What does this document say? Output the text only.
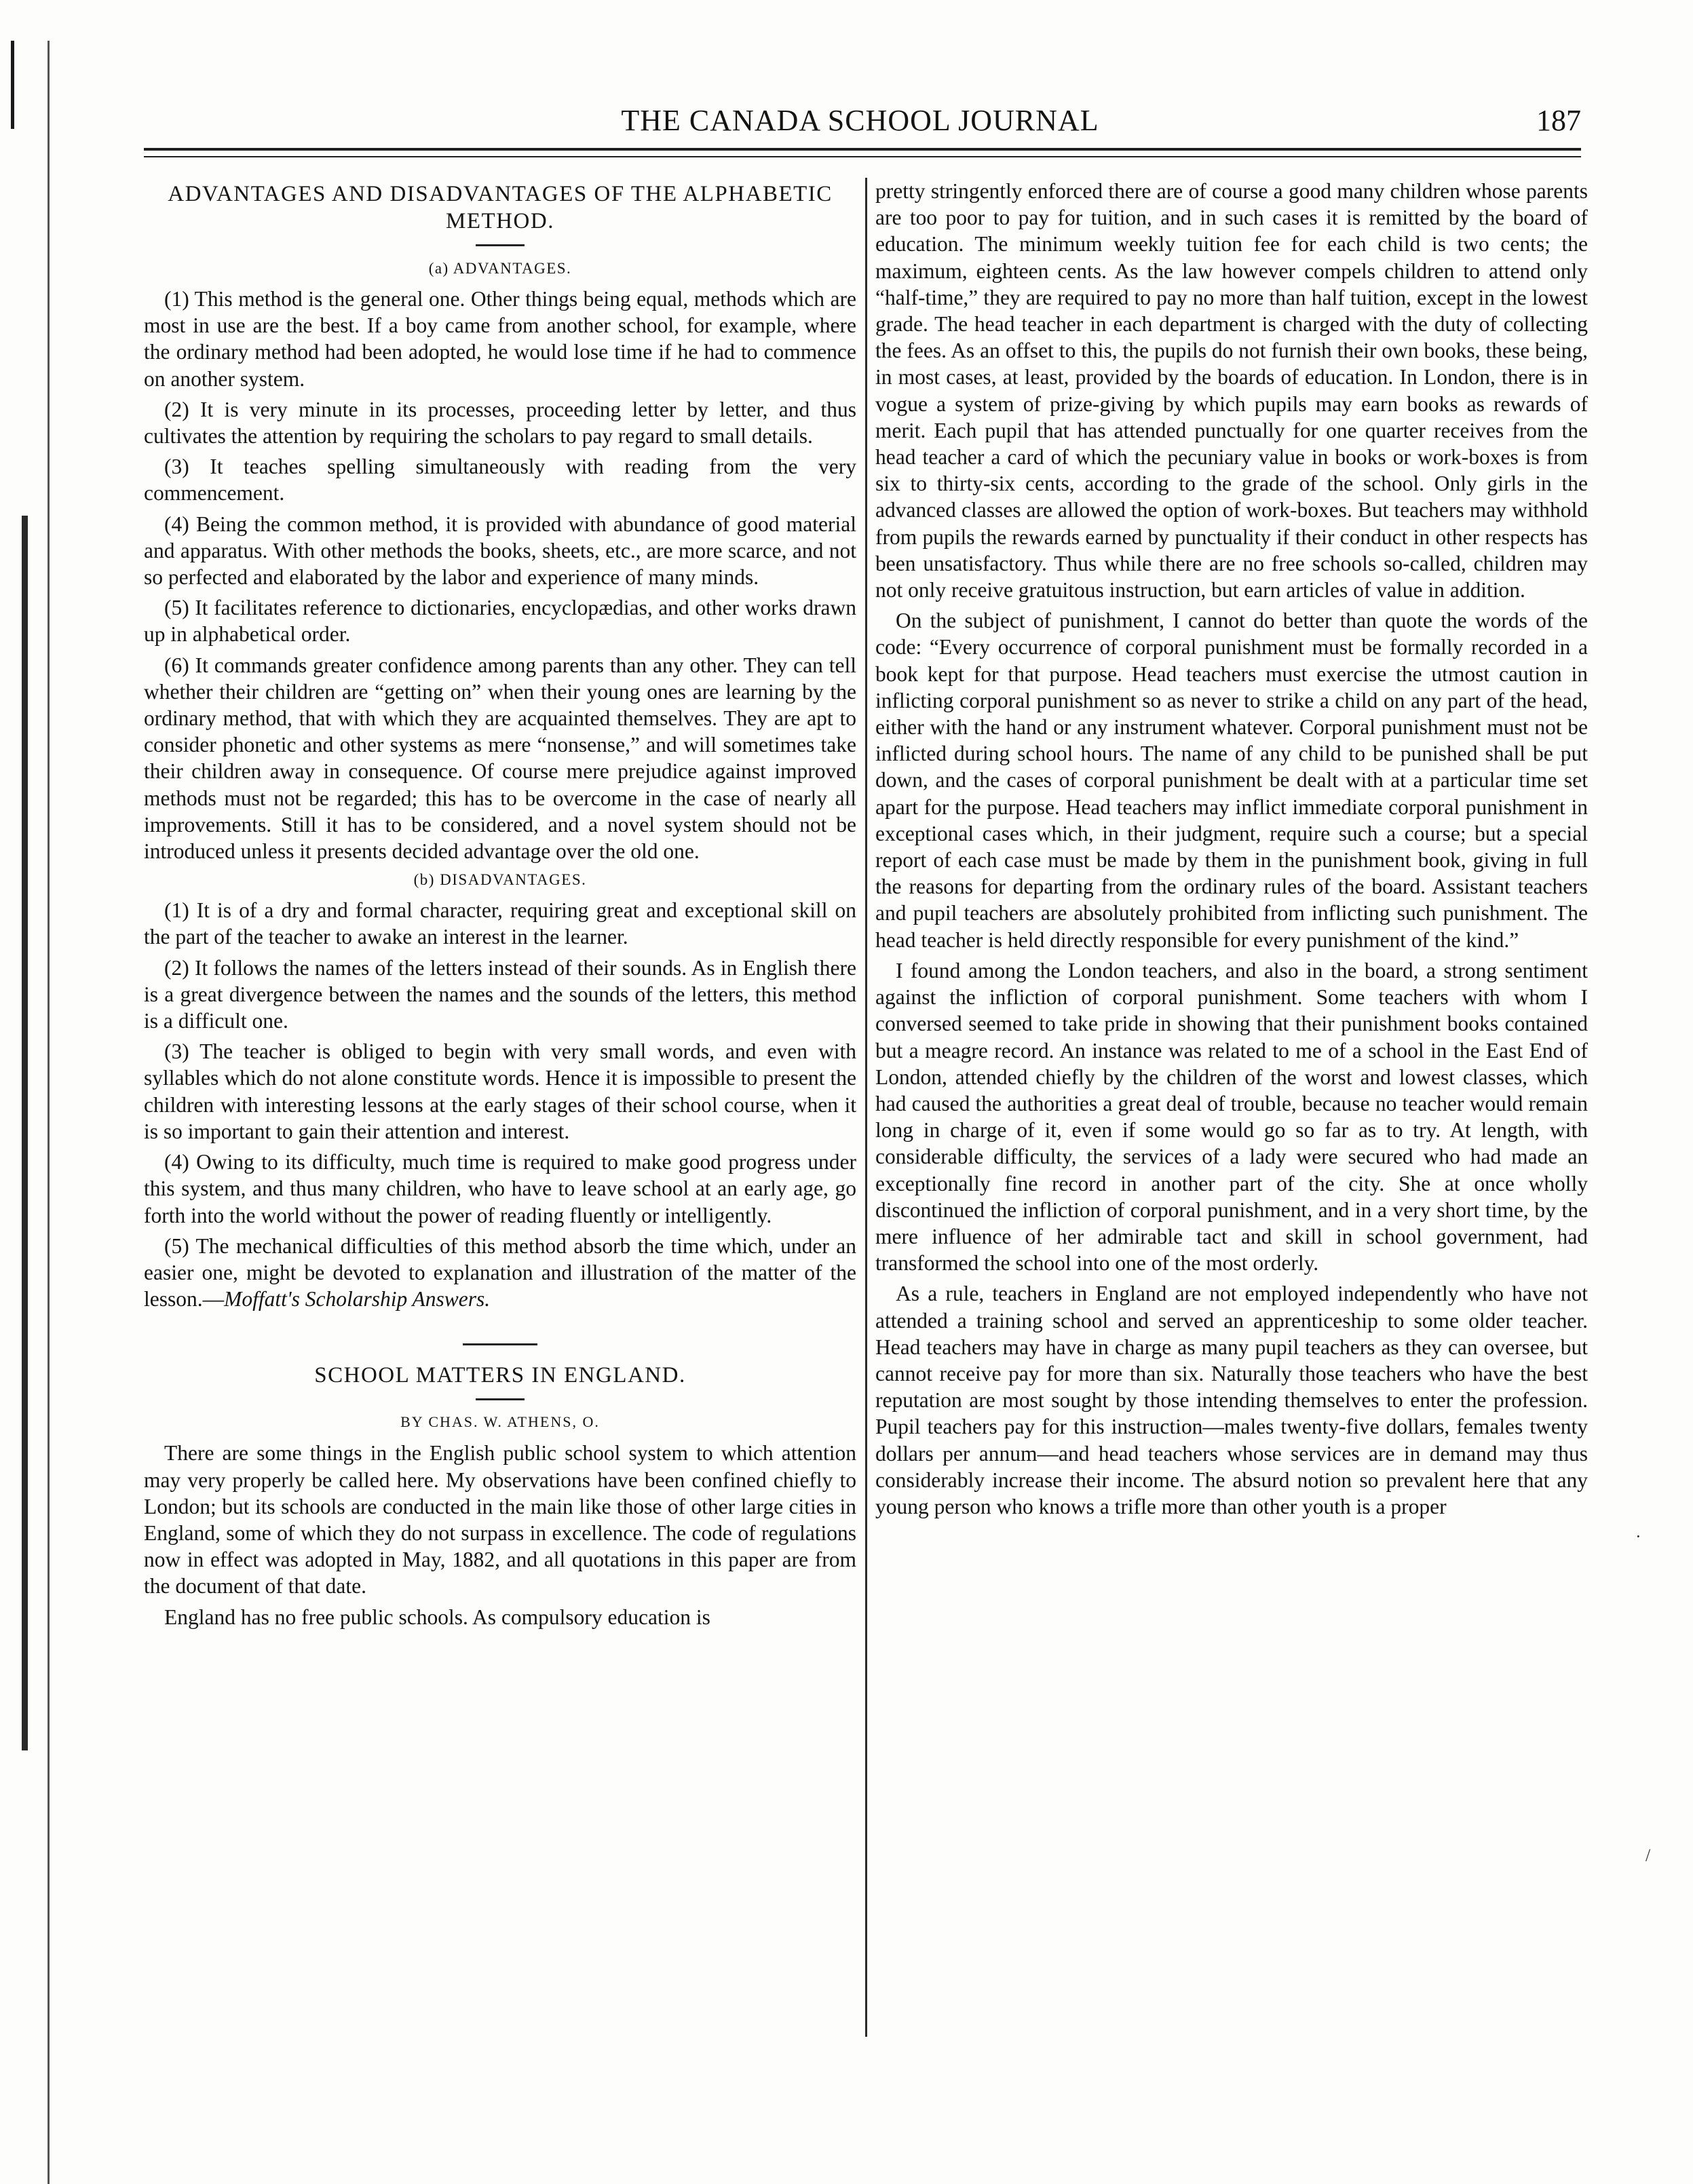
·
/
THE CANADA SCHOOL JOURNAL	187
ADVANTAGES AND DISADVANTAGES OF THE ALPHABETIC METHOD.
(a) ADVANTAGES.

(1) This method is the general one. Other things being equal, methods which are most in use are the best. If a boy came from another school, for example, where the ordinary method had been adopted, he would lose time if he had to commence on another system.

(2) It is very minute in its processes, proceeding letter by letter, and thus cultivates the attention by requiring the scholars to pay regard to small details.

(3) It teaches spelling simultaneously with reading from the very commencement.

(4) Being the common method, it is provided with abundance of good material and apparatus. With other methods the books, sheets, etc., are more scarce, and not so perfected and elaborated by the labor and experience of many minds.

(5) It facilitates reference to dictionaries, encyclopædias, and other works drawn up in alphabetical order.

(6) It commands greater confidence among parents than any other. They can tell whether their children are “getting on” when their young ones are learning by the ordinary method, that with which they are acquainted themselves. They are apt to consider phonetic and other systems as mere “nonsense,” and will sometimes take their children away in consequence. Of course mere prejudice against improved methods must not be regarded; this has to be overcome in the case of nearly all improvements. Still it has to be considered, and a novel system should not be introduced unless it presents decided advantage over the old one.

(b) DISADVANTAGES.

(1) It is of a dry and formal character, requiring great and exceptional skill on the part of the teacher to awake an interest in the learner.

(2) It follows the names of the letters instead of their sounds. As in English there is a great divergence between the names and the sounds of the letters, this method is a difficult one.

(3) The teacher is obliged to begin with very small words, and even with syllables which do not alone constitute words. Hence it is impossible to present the children with interesting lessons at the early stages of their school course, when it is so important to gain their attention and interest.

(4) Owing to its difficulty, much time is required to make good progress under this system, and thus many children, who have to leave school at an early age, go forth into the world without the power of reading fluently or intelligently.

(5) The mechanical difficulties of this method absorb the time which, under an easier one, might be devoted to explanation and illustration of the matter of the lesson.—Moffatt's Scholarship Answers.

SCHOOL MATTERS IN ENGLAND.
BY CHAS. W. ATHENS, O.

There are some things in the English public school system to which attention may very properly be called here. My observations have been confined chiefly to London; but its schools are conducted in the main like those of other large cities in England, some of which they do not surpass in excellence. The code of regulations now in effect was adopted in May, 1882, and all quotations in this paper are from the document of that date.

England has no free public schools. As compulsory education is

pretty stringently enforced there are of course a good many children whose parents are too poor to pay for tuition, and in such cases it is remitted by the board of education. The minimum weekly tuition fee for each child is two cents; the maximum, eighteen cents. As the law however compels children to attend only “half-time,” they are required to pay no more than half tuition, except in the lowest grade. The head teacher in each department is charged with the duty of collecting the fees. As an offset to this, the pupils do not furnish their own books, these being, in most cases, at least, provided by the boards of education. In London, there is in vogue a system of prize-giving by which pupils may earn books as rewards of merit. Each pupil that has attended punctually for one quarter receives from the head teacher a card of which the pecuniary value in books or work-boxes is from six to thirty-six cents, according to the grade of the school. Only girls in the advanced classes are allowed the option of work-boxes. But teachers may withhold from pupils the rewards earned by punctuality if their conduct in other respects has been unsatisfactory. Thus while there are no free schools so-called, children may not only receive gratuitous instruction, but earn articles of value in addition.

On the subject of punishment, I cannot do better than quote the words of the code: “Every occurrence of corporal punishment must be formally recorded in a book kept for that purpose. Head teachers must exercise the utmost caution in inflicting corporal punishment so as never to strike a child on any part of the head, either with the hand or any instrument whatever. Corporal punishment must not be inflicted during school hours. The name of any child to be punished shall be put down, and the cases of corporal punishment be dealt with at a particular time set apart for the purpose. Head teachers may inflict immediate corporal punishment in exceptional cases which, in their judgment, require such a course; but a special report of each case must be made by them in the punishment book, giving in full the reasons for departing from the ordinary rules of the board. Assistant teachers and pupil teachers are absolutely prohibited from inflicting such punishment. The head teacher is held directly responsible for every punishment of the kind.”

I found among the London teachers, and also in the board, a strong sentiment against the infliction of corporal punishment. Some teachers with whom I conversed seemed to take pride in showing that their punishment books contained but a meagre record. An instance was related to me of a school in the East End of London, attended chiefly by the children of the worst and lowest classes, which had caused the authorities a great deal of trouble, because no teacher would remain long in charge of it, even if some would go so far as to try. At length, with considerable difficulty, the services of a lady were secured who had made an exceptionally fine record in another part of the city. She at once wholly discontinued the infliction of corporal punishment, and in a very short time, by the mere influence of her admirable tact and skill in school government, had transformed the school into one of the most orderly.

As a rule, teachers in England are not employed independently who have not attended a training school and served an apprenticeship to some older teacher. Head teachers may have in charge as many pupil teachers as they can oversee, but cannot receive pay for more than six. Naturally those teachers who have the best reputation are most sought by those intending themselves to enter the profession. Pupil teachers pay for this instruction—males twenty-five dollars, females twenty dollars per annum—and head teachers whose services are in demand may thus considerably increase their income. The absurd notion so prevalent here that any young person who knows a trifle more than other youth is a proper
